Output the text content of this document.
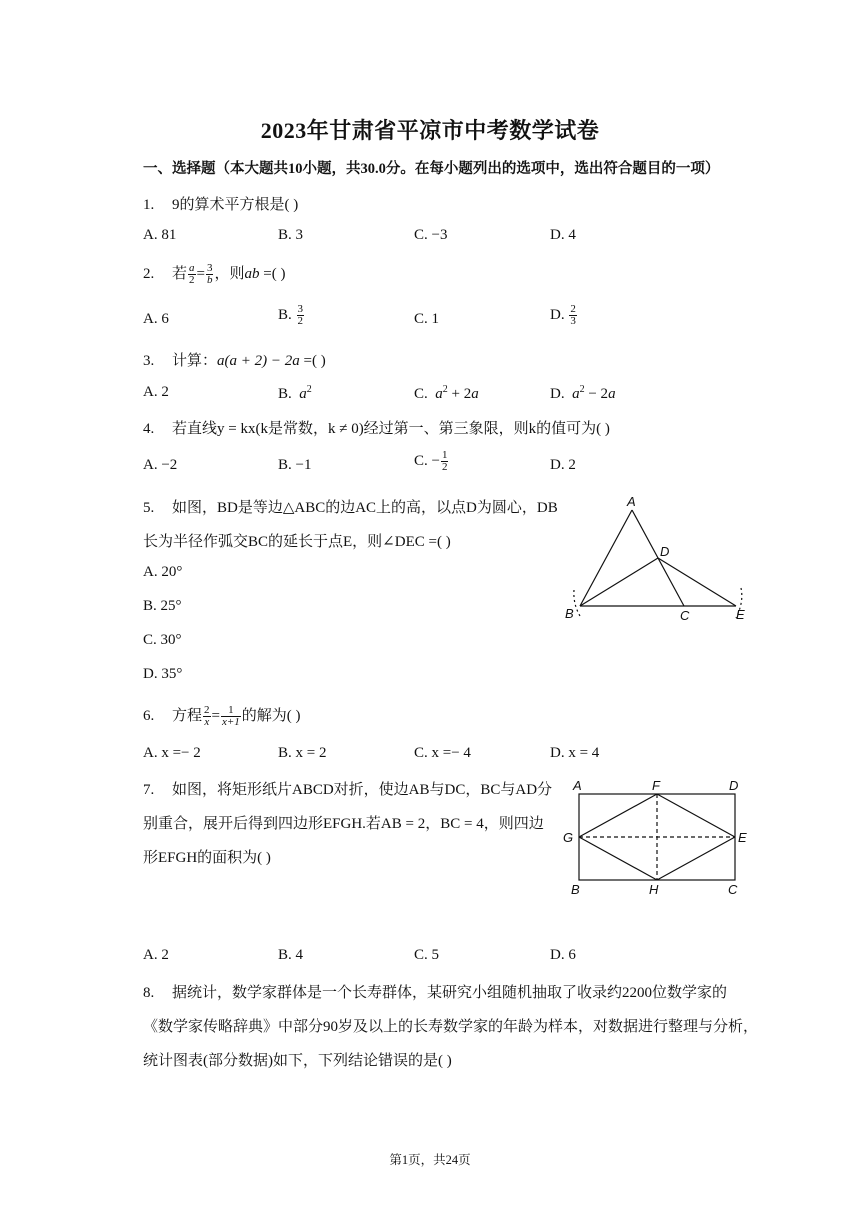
2023年甘肃省平凉市中考数学试卷
一、选择题（本大题共10小题，共30.0分。在每小题列出的选项中，选出符合题目的一项）
1. 9的算术平方根是( )
A. 81	B. 3	C. −3	D. 4
2. 若 $\frac{a}{2} = \frac{3}{b}$ ，则ab =( )
A. 6	B. $\frac{3}{2}$	C. 1	D. $\frac{2}{3}$
3. 计算：a(a + 2) − 2a =( )
A. 2	B. $a^2$	C. $a^2 + 2a$	D. $a^2 - 2a$
4. 若直线y = kx(k是常数，k ≠ 0)经过第一、第三象限，则k的值可为( )
A. −2	B. −1	C. − $\frac{1}{2}$	D. 2
5. 如图，BD是等边△ABC的边AC上的高，以点D为圆心，DB
长为半径作弧交BC的延长于点E，则∠DEC =( )
A. 20°
B. 25°
C. 30°
D. 35°
A
B	C
D
E
6. 方程 $\frac{2}{x} = \frac{1}{x+1}$ 的解为( )
A. x =− 2	B. x = 2	C. x =− 4	D. x = 4
7. 如图，将矩形纸片ABCD对折，使边AB与DC，BC与AD分
别重合，展开后得到四边形EFGH.若AB = 2，BC = 4，则四边
形EFGH的面积为( )
A	F	D
G	E
B	H	C
A. 2	B. 4	C. 5	D. 6
8. 据统计，数学家群体是一个长寿群体，某研究小组随机抽取了收录约2200位数学家的
《数学家传略辞典》中部分90岁及以上的长寿数学家的年龄为样本，对数据进行整理与分析，
统计图表(部分数据)如下，下列结论错误的是( )
第1页，共24页
